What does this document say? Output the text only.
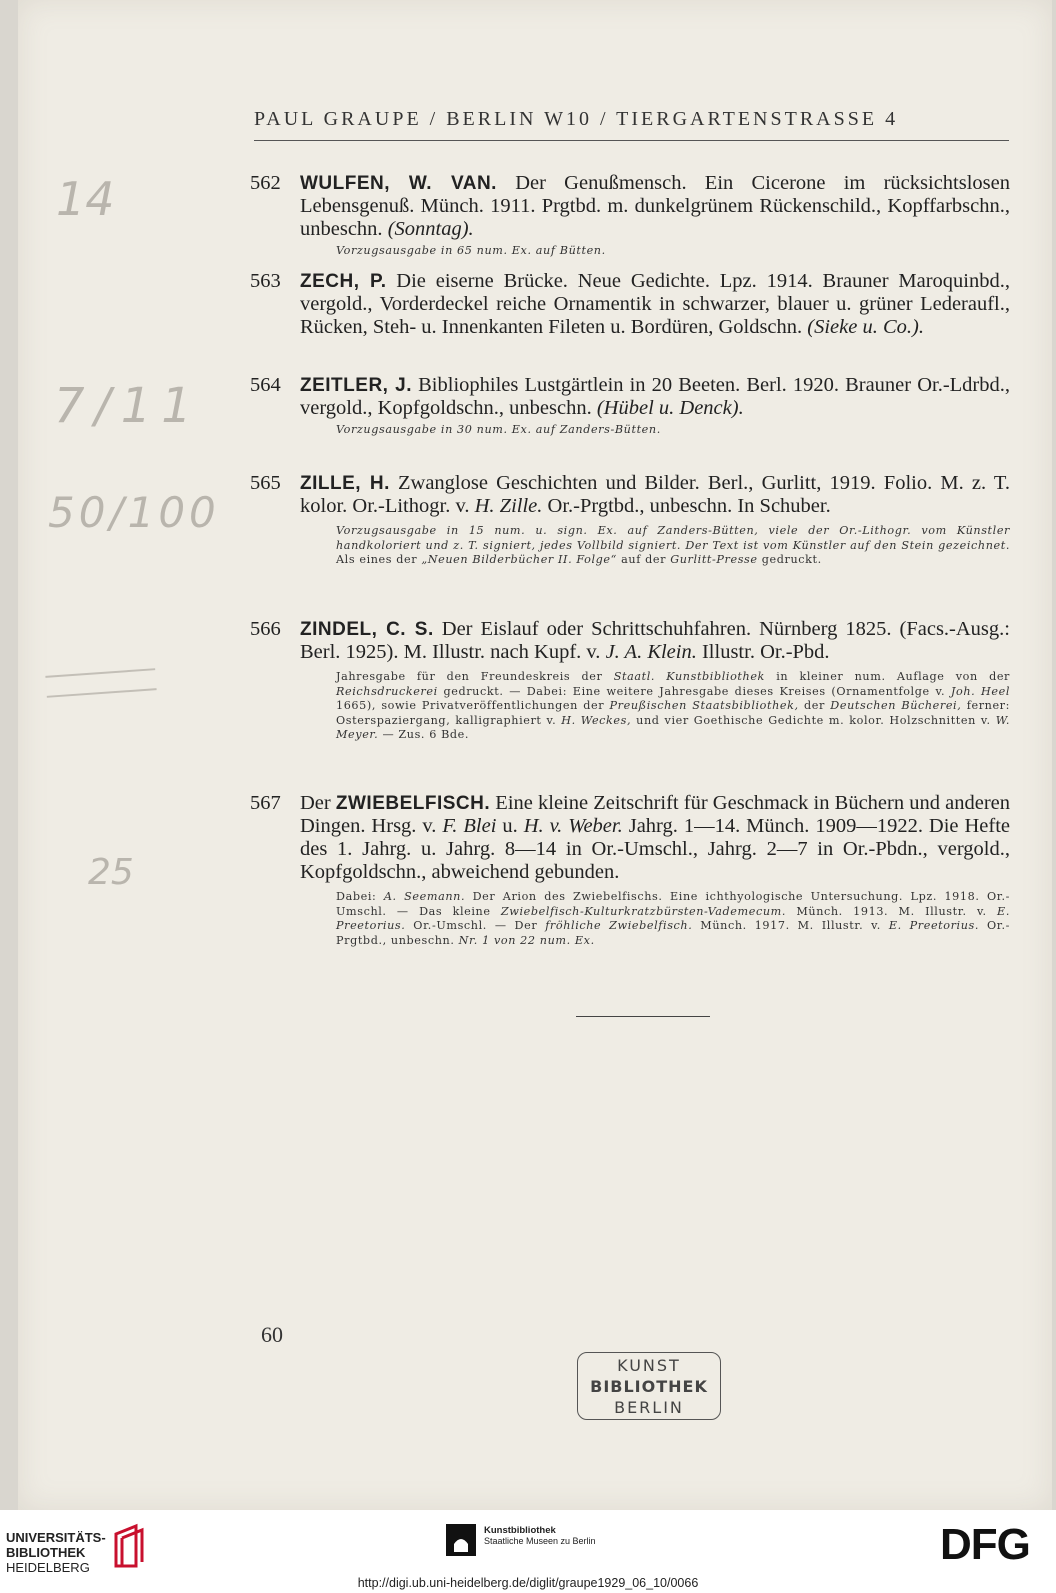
PAUL GRAUPE / BERLIN W10 / TIERGARTENSTRASSE 4
14
7/11
50/100
25
562 WULFEN, W. VAN. Der Genußmensch. Ein Cicerone im rücksichtslosen Lebensgenuß. Münch. 1911. Prgtbd. m. dunkelgrünem Rückenschild., Kopffarbschn., unbeschn. (Sonntag).
Vorzugsausgabe in 65 num. Ex. auf Bütten.
563 ZECH, P. Die eiserne Brücke. Neue Gedichte. Lpz. 1914. Brauner Maroquinbd., vergold., Vorderdeckel reiche Ornamentik in schwarzer, blauer u. grüner Lederaufl., Rücken, Steh- u. Innenkanten Fileten u. Bordüren, Goldschn. (Sieke u. Co.).
564 ZEITLER, J. Bibliophiles Lustgärtlein in 20 Beeten. Berl. 1920. Brauner Or.-Ldrbd., vergold., Kopfgoldschn., unbeschn. (Hübel u. Denck).
Vorzugsausgabe in 30 num. Ex. auf Zanders-Bütten.
565 ZILLE, H. Zwanglose Geschichten und Bilder. Berl., Gurlitt, 1919. Folio. M. z. T. kolor. Or.-Lithogr. v. H. Zille. Or.-Prgtbd., unbeschn. In Schuber.
Vorzugsausgabe in 15 num. u. sign. Ex. auf Zanders-Bütten, viele der Or.-Lithogr. vom Künstler handkoloriert und z. T. signiert, jedes Vollbild signiert. Der Text ist vom Künstler auf den Stein gezeichnet. Als eines der „Neuen Bilderbücher II. Folge“ auf der Gurlitt-Presse gedruckt.
566 ZINDEL, C. S. Der Eislauf oder Schrittschuhfahren. Nürnberg 1825. (Facs.-Ausg.: Berl. 1925). M. Illustr. nach Kupf. v. J. A. Klein. Illustr. Or.-Pbd.
Jahresgabe für den Freundeskreis der Staatl. Kunstbibliothek in kleiner num. Auflage von der Reichsdruckerei gedruckt. — Dabei: Eine weitere Jahresgabe dieses Kreises (Ornamentfolge v. Joh. Heel 1665), sowie Privatveröffentlichungen der Preußischen Staatsbibliothek, der Deutschen Bücherei, ferner: Osterspaziergang, kalligraphiert v. H. Weckes, und vier Goethische Gedichte m. kolor. Holzschnitten v. W. Meyer. — Zus. 6 Bde.
567 Der ZWIEBELFISCH. Eine kleine Zeitschrift für Geschmack in Büchern und anderen Dingen. Hrsg. v. F. Blei u. H. v. Weber. Jahrg. 1—14. Münch. 1909—1922. Die Hefte des 1. Jahrg. u. Jahrg. 8—14 in Or.-Umschl., Jahrg. 2—7 in Or.-Pbdn., vergold., Kopfgoldschn., abweichend gebunden.
Dabei: A. Seemann. Der Arion des Zwiebelfischs. Eine ichthyologische Untersuchung. Lpz. 1918. Or.-Umschl. — Das kleine Zwiebelfisch-Kulturkratzbürsten-Vademecum. Münch. 1913. M. Illustr. v. E. Preetorius. Or.-Umschl. — Der fröhliche Zwiebelfisch. Münch. 1917. M. Illustr. v. E. Preetorius. Or.-Prgtbd., unbeschn. Nr. 1 von 22 num. Ex.
60
KUNST
BIBLIOTHEK
BERLIN
UNIVERSITÄTS-
BIBLIOTHEK
HEIDELBERG
Kunstbibliothek
Staatliche Museen zu Berlin	DFG
http://digi.ub.uni-heidelberg.de/diglit/graupe1929_06_10/0066
